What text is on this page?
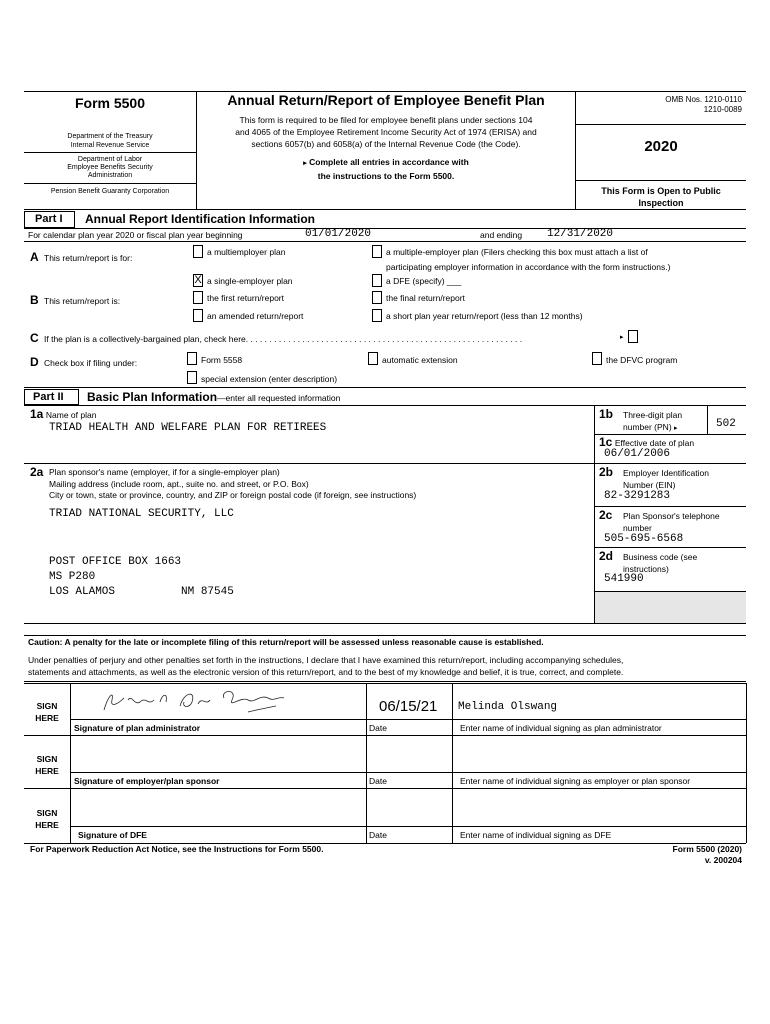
Form 5500
Department of the Treasury
Internal Revenue Service
Department of Labor
Employee Benefits Security
Administration
Pension Benefit Guaranty Corporation
Annual Return/Report of Employee Benefit Plan
This form is required to be filed for employee benefit plans under sections 104
and 4065 of the Employee Retirement Income Security Act of 1974 (ERISA) and
sections 6057(b) and 6058(a) of the Internal Revenue Code (the Code).
▸ Complete all entries in accordance with
the instructions to the Form 5500.
OMB Nos. 1210-0110
1210-0089
2020
This Form is Open to Public
Inspection
Part I	Annual Report Identification Information
For calendar plan year 2020 or fiscal plan year beginning	01/01/2020	and ending 12/31/2020
A This return/report is for:
a multiemployer plan	a multiple-employer plan (Filers checking this box must attach a list of
participating employer information in accordance with the form instructions.)
X a single-employer plan	a DFE (specify) ___
B This return/report is:	the first return/report	the final return/report
an amended return/report	a short plan year return/report (less than 12 months)
C If the plan is a collectively-bargained plan, check here. . . . . . . . . . . . . . . . . . . . . . . . . . . . . . . . . . . . . . . . . . . . . . . . . . . . . . . . . . .	▸
D Check box if filing under:	Form 5558	automatic extension	the DFVC program
special extension (enter description)
Part II	Basic Plan Information—enter all requested information
1a Name of plan
TRIAD HEALTH AND WELFARE PLAN FOR RETIREES
1b Three-digit plan
number (PN) ▸	502
1c Effective date of plan
06/01/2006
2a Plan sponsor's name (employer, if for a single-employer plan)
Mailing address (include room, apt., suite no. and street, or P.O. Box)
City or town, state or province, country, and ZIP or foreign postal code (if foreign, see instructions)
TRIAD NATIONAL SECURITY, LLC
POST OFFICE BOX 1663
MS P280
LOS ALAMOS	NM 87545
2b Employer Identification
Number (EIN)
82-3291283
2c Plan Sponsor's telephone
number
505-695-6568
2d Business code (see
instructions)
541990
Caution: A penalty for the late or incomplete filing of this return/report will be assessed unless reasonable cause is established.
Under penalties of perjury and other penalties set forth in the instructions, I declare that I have examined this return/report, including accompanying schedules,
statements and attachments, as well as the electronic version of this return/report, and to the best of my knowledge and belief, it is true, correct, and complete.
SIGN
HERE
Signature of plan administrator
06/15/21
Date
Melinda Olswang
Enter name of individual signing as plan administrator
SIGN
HERE
Signature of employer/plan sponsor	Date	Enter name of individual signing as employer or plan sponsor
SIGN
HERE
Signature of DFE	Date	Enter name of individual signing as DFE
For Paperwork Reduction Act Notice, see the Instructions for Form 5500.	Form 5500 (2020)
v. 200204
